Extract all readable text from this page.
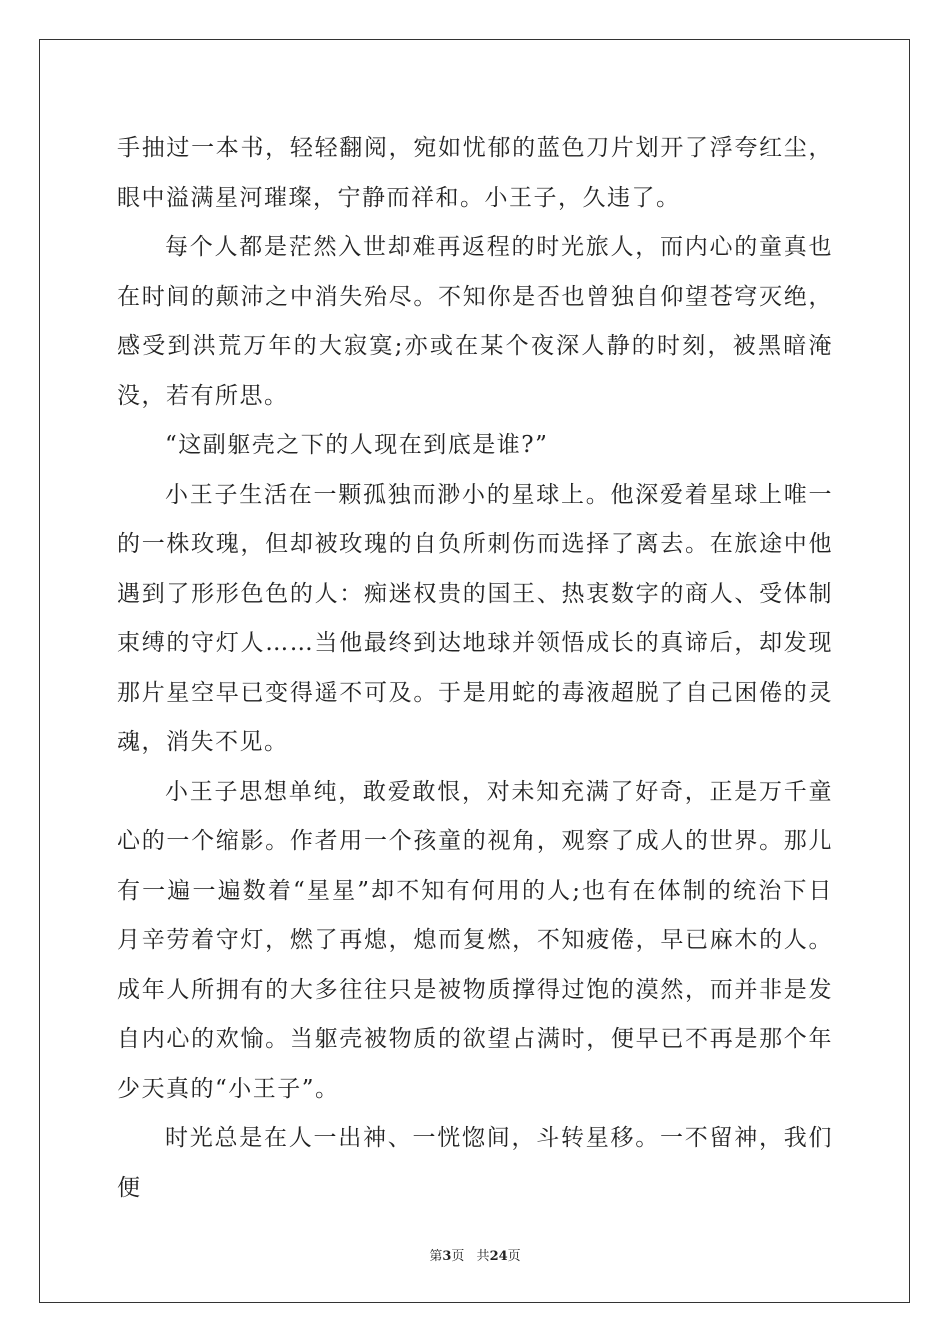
手抽过一本书，轻轻翻阅，宛如忧郁的蓝色刀片划开了浮夸红尘，眼中溢满星河璀璨，宁静而祥和。小王子，久违了。

每个人都是茫然入世却难再返程的时光旅人，而内心的童真也在时间的颠沛之中消失殆尽。不知你是否也曾独自仰望苍穹灭绝，感受到洪荒万年的大寂寞;亦或在某个夜深人静的时刻，被黑暗淹没，若有所思。

“这副躯壳之下的人现在到底是谁?”

小王子生活在一颗孤独而渺小的星球上。他深爱着星球上唯一的一株玫瑰，但却被玫瑰的自负所刺伤而选择了离去。在旅途中他遇到了形形色色的人：痴迷权贵的国王、热衷数字的商人、受体制束缚的守灯人……当他最终到达地球并领悟成长的真谛后，却发现那片星空早已变得遥不可及。于是用蛇的毒液超脱了自己困倦的灵魂，消失不见。

小王子思想单纯，敢爱敢恨，对未知充满了好奇，正是万千童心的一个缩影。作者用一个孩童的视角，观察了成人的世界。那儿有一遍一遍数着“星星”却不知有何用的人;也有在体制的统治下日月辛劳着守灯，燃了再熄，熄而复燃，不知疲倦，早已麻木的人。成年人所拥有的大多往往只是被物质撑得过饱的漠然，而并非是发自内心的欢愉。当躯壳被物质的欲望占满时，便早已不再是那个年少天真的“小王子”。

时光总是在人一出神、一恍惚间，斗转星移。一不留神，我们便

第3页 共24页
